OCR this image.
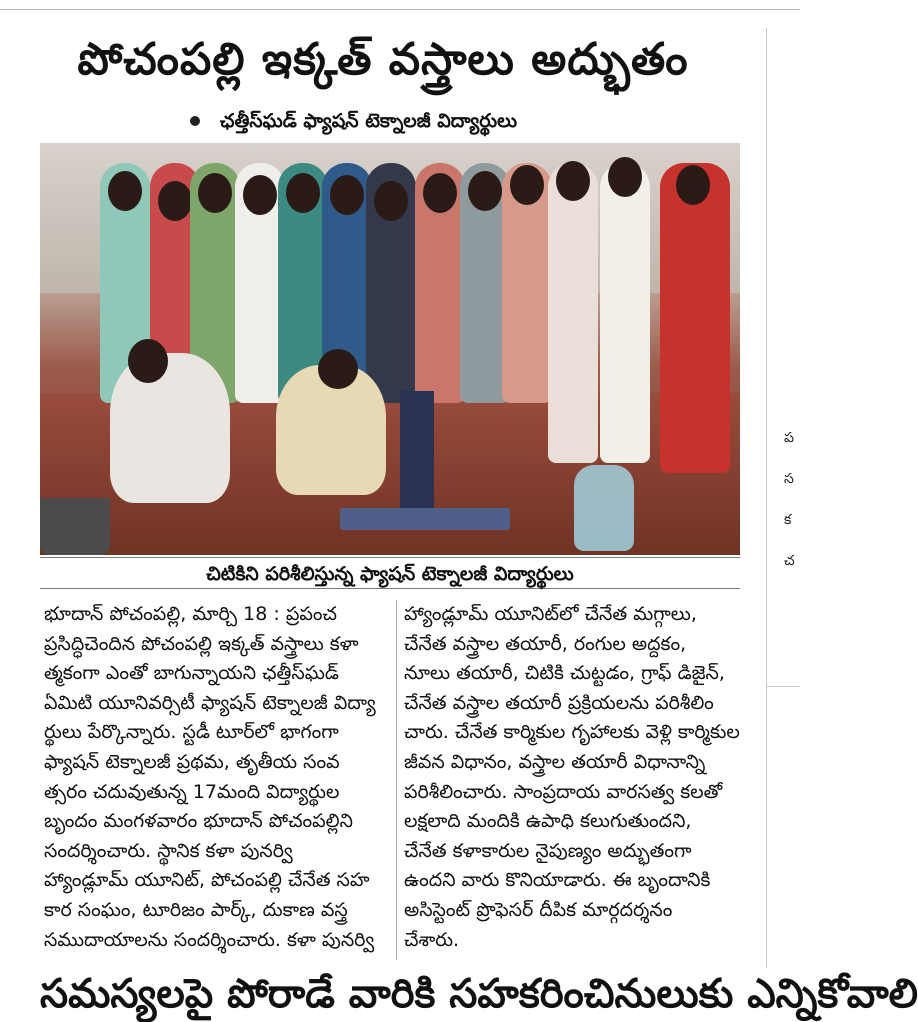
ప
స
క
చ
పోచంపల్లి ఇక్కత్ వస్త్రాలు అద్భుతం
ఛత్తీస్‌ఘడ్ ఫ్యాషన్ టెక్నాలజీ విద్యార్థులు
చిటికిని పరిశీలిస్తున్న ఫ్యాషన్ టెక్నాలజీ విద్యార్థులు
భూదాన్ పోచంపల్లి, మార్చి 18 : ప్రపంచ
ప్రసిద్ధిచెందిన పోచంపల్లి ఇక్కత్ వస్త్రాలు కళా
త్మకంగా ఎంతో బాగున్నాయని ఛత్తీస్‌ఘడ్
ఏమిటి యూనివర్సిటీ ఫ్యాషన్ టెక్నాలజీ విద్యా
ర్థులు పేర్కొన్నారు. స్టడీ టూర్‌లో భాగంగా
ఫ్యాషన్ టెక్నాలజీ ప్రథమ, తృతీయ సంవ
త్సరం చదువుతున్న 17మంది విద్యార్థుల
బృందం మంగళవారం భూదాన్ పోచంపల్లిని
సందర్శించారు. స్థానిక కళా పునర్వి
హ్యాండ్లూమ్ యూనిట్, పోచంపల్లి చేనేత సహ
కార సంఘం, టూరిజం పార్క్, దుకాణ వస్త్ర
సముదాయాలను సందర్శించారు. కళా పునర్వి
హ్యాండ్లూమ్ యూనిట్‌లో చేనేత మగ్గాలు,
చేనేత వస్త్రాల తయారీ, రంగుల అద్దకం,
నూలు తయారీ, చిటికి చుట్టడం, గ్రాఫ్ డిజైన్,
చేనేత వస్త్రాల తయారీ ప్రక్రియలను పరిశీలిం
చారు. చేనేత కార్మికుల గృహాలకు వెళ్లి కార్మికుల
జీవన విధానం, వస్త్రాల తయారీ విధానాన్ని
పరిశీలించారు. సాంప్రదాయ వారసత్వ కలతో
లక్షలాది మందికి ఉపాధి కలుగుతుందని,
చేనేత కళాకారుల నైపుణ్యం అద్భుతంగా
ఉందని వారు కొనియాడారు. ఈ బృందానికి
అసిస్టెంట్ ప్రొఫెసర్ దీపిక మార్గదర్శనం
చేశారు.
సమస్యలపై పోరాడే వారికి సహకరించినులుకు ఎన్నికోవాలి
